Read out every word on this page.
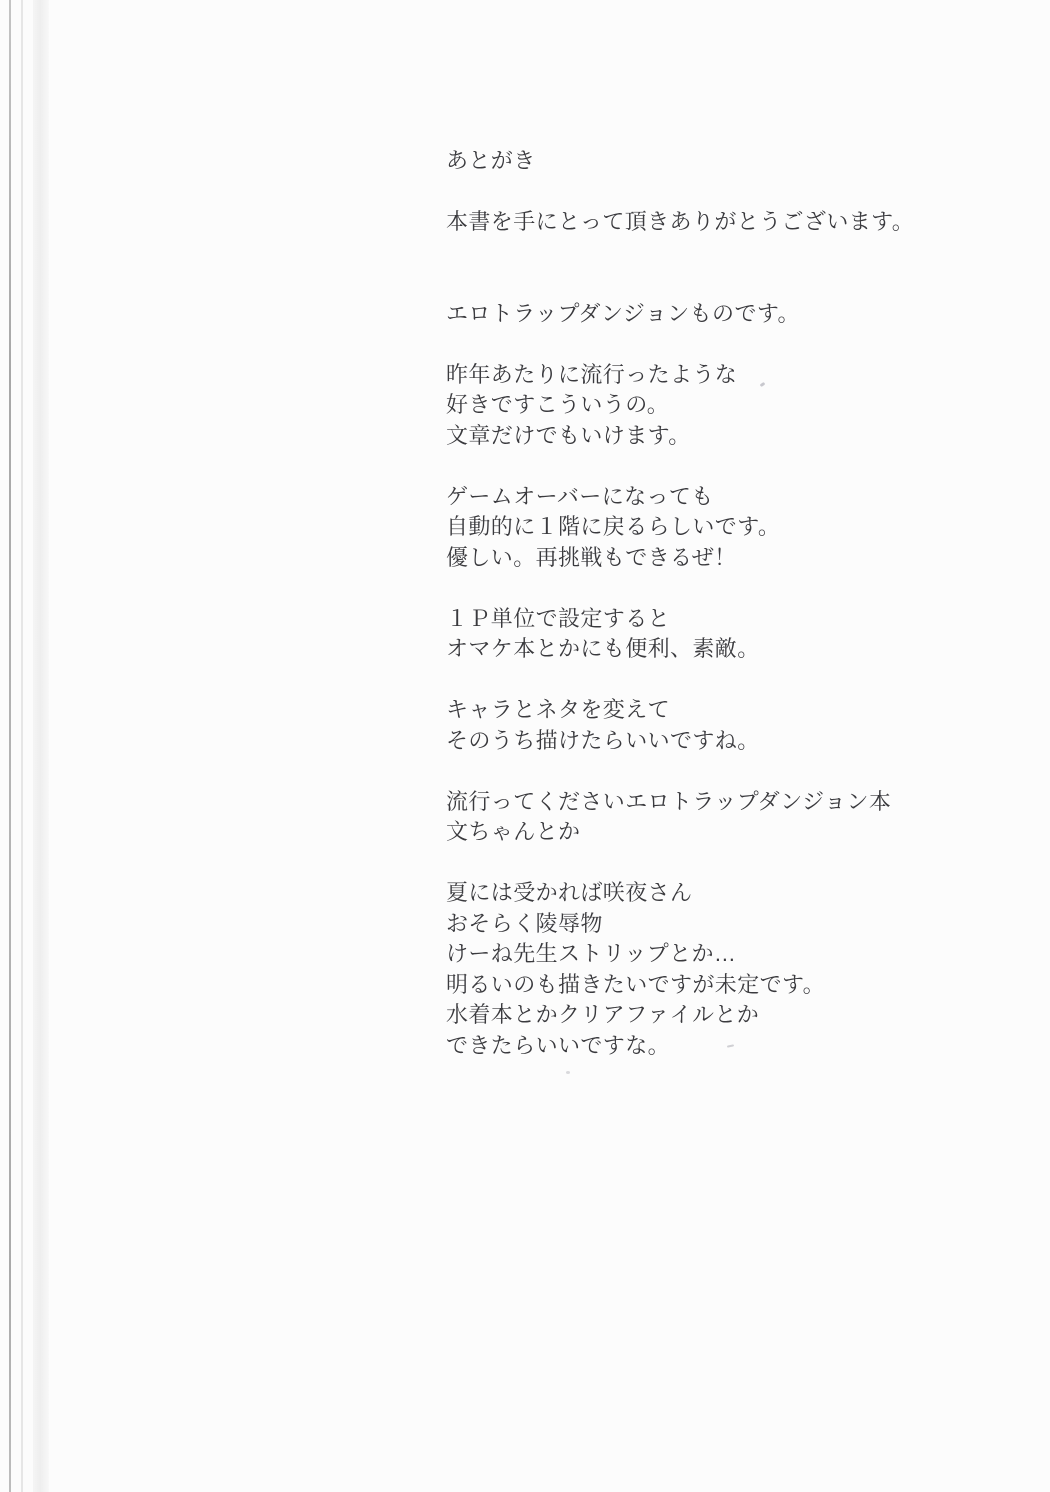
あとがき
本書を手にとって頂きありがとうございます。
エロトラップダンジョンものです。
昨年あたりに流行ったような
好きですこういうの。
文章だけでもいけます。
ゲームオーバーになっても
自動的に１階に戻るらしいです。
優しい。再挑戦もできるぜ！
１Ｐ単位で設定すると
オマケ本とかにも便利、素敵。
キャラとネタを変えて
そのうち描けたらいいですね。
流行ってくださいエロトラップダンジョン本
文ちゃんとか
夏には受かれば咲夜さん
おそらく陵辱物
けーね先生ストリップとか…
明るいのも描きたいですが未定です。
水着本とかクリアファイルとか
できたらいいですな。
